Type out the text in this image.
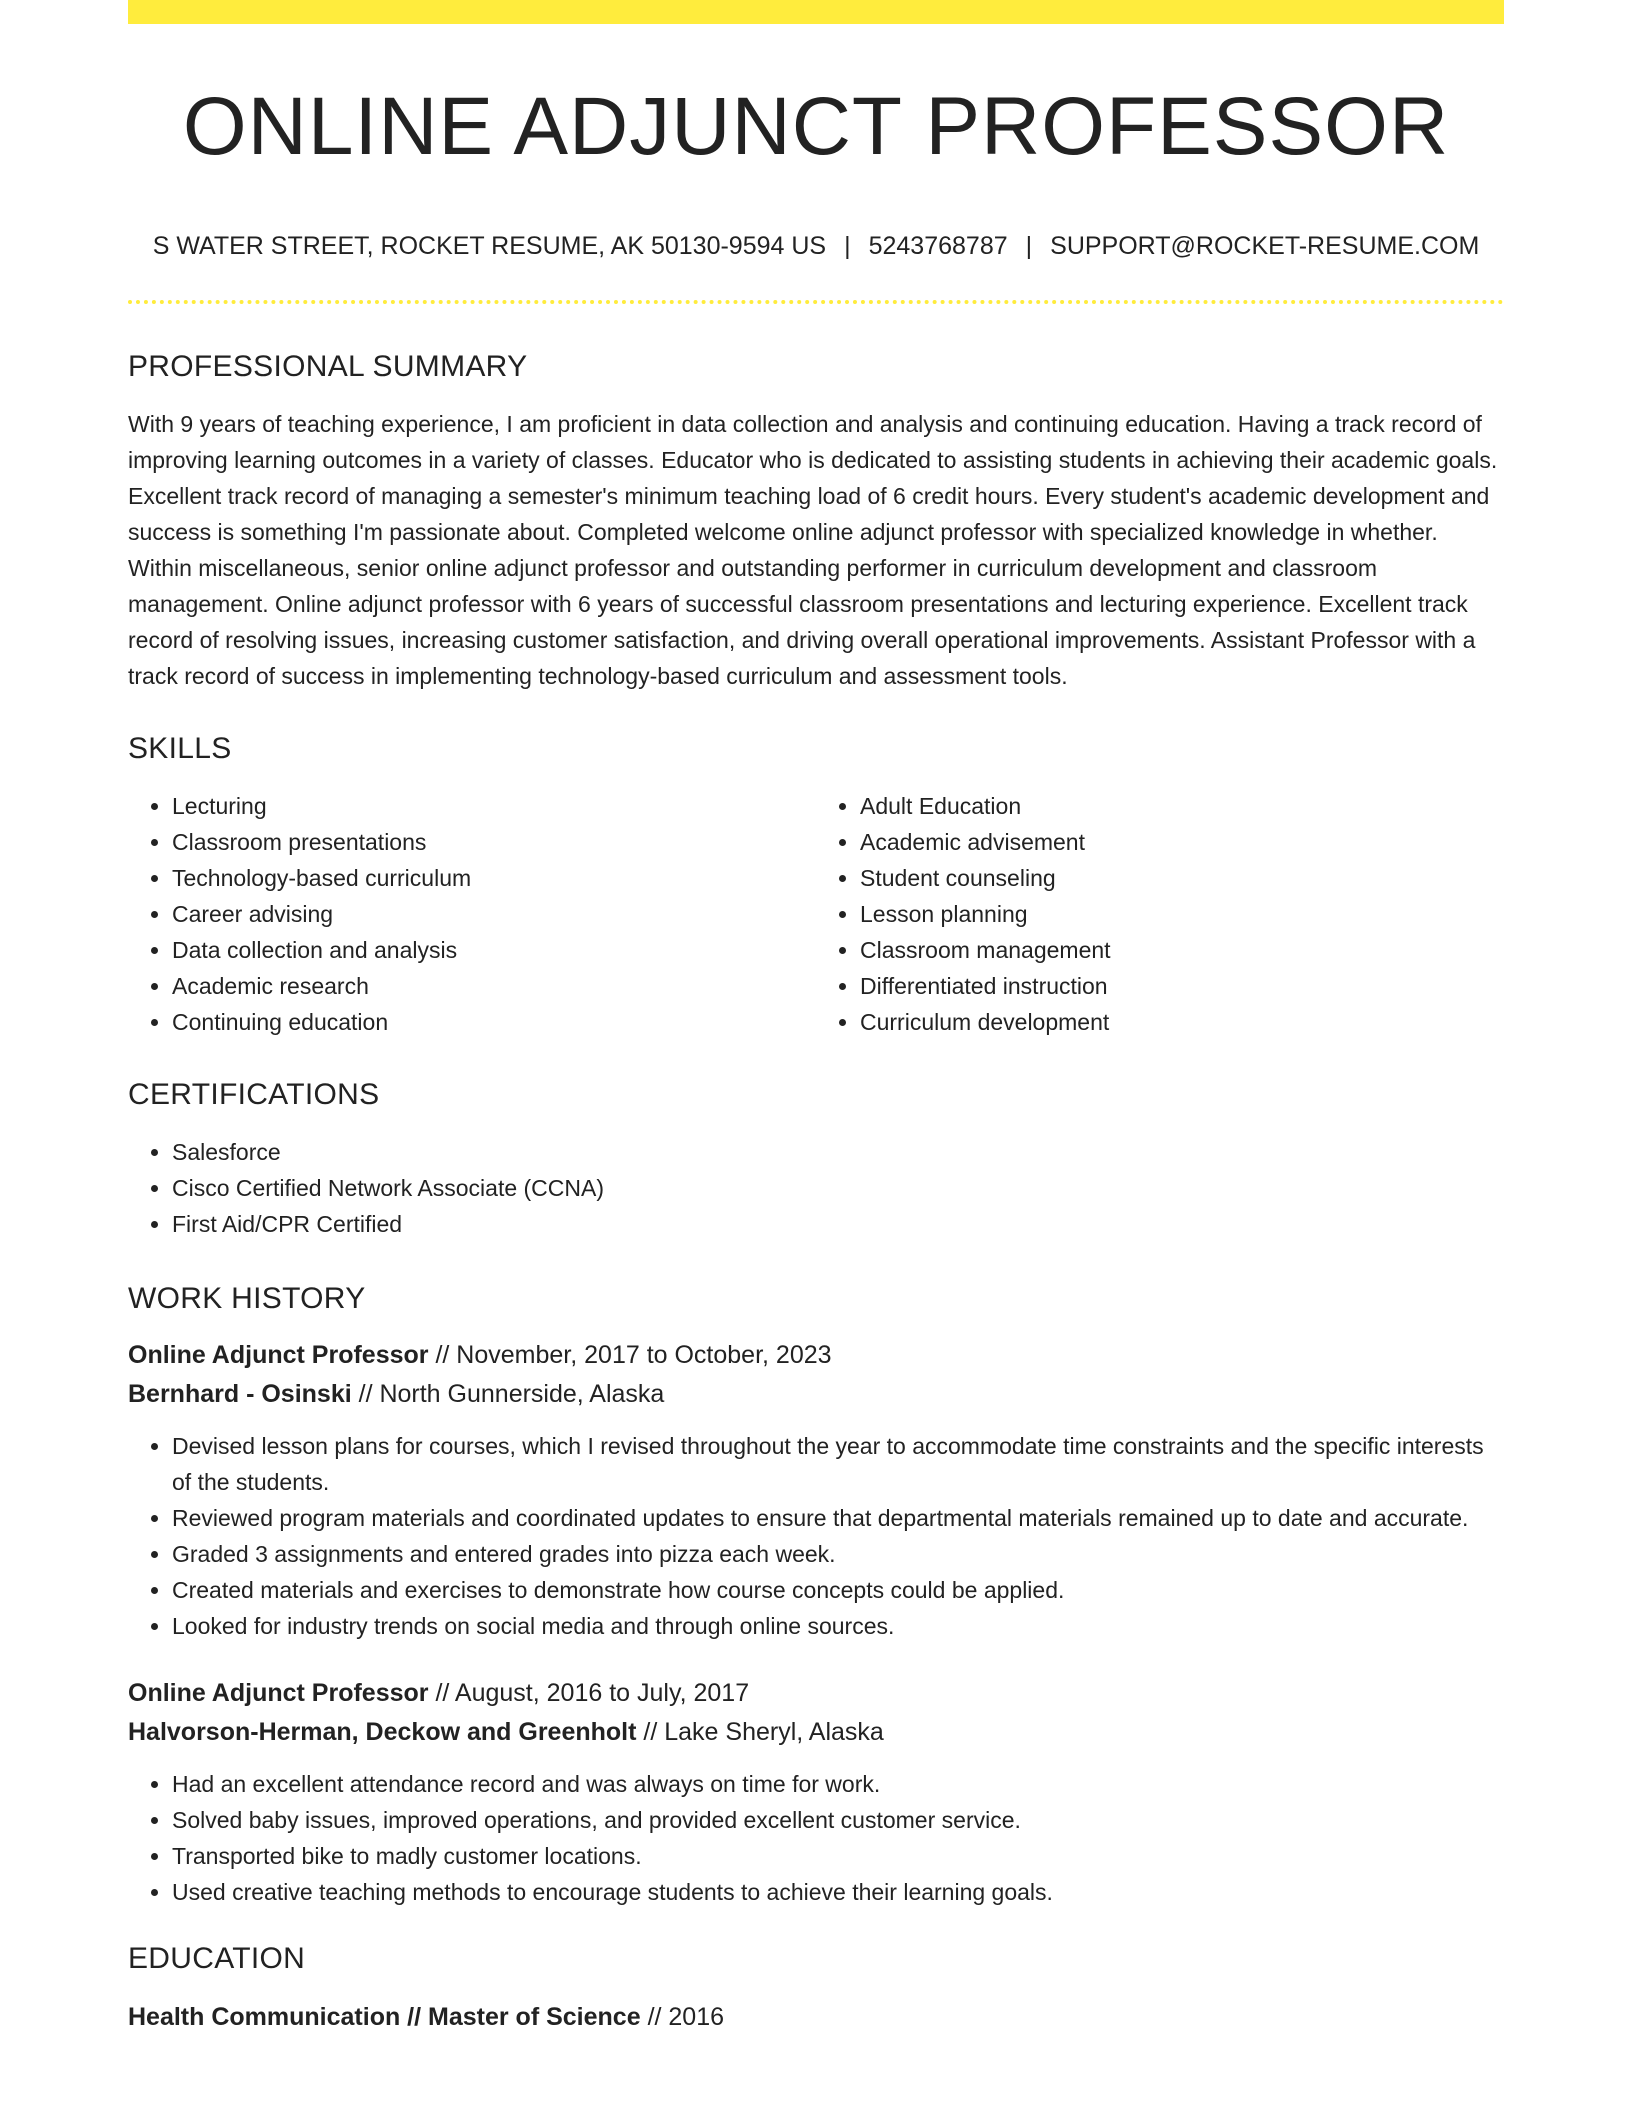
ONLINE ADJUNCT PROFESSOR
S WATER STREET, ROCKET RESUME, AK 50130-9594 US | 5243768787 | SUPPORT@ROCKET-RESUME.COM
PROFESSIONAL SUMMARY

With 9 years of teaching experience, I am proficient in data collection and analysis and continuing education. Having a track record of improving learning outcomes in a variety of classes. Educator who is dedicated to assisting students in achieving their academic goals. Excellent track record of managing a semester's minimum teaching load of 6 credit hours. Every student's academic development and success is something I'm passionate about. Completed welcome online adjunct professor with specialized knowledge in whether. Within miscellaneous, senior online adjunct professor and outstanding performer in curriculum development and classroom management. Online adjunct professor with 6 years of successful classroom presentations and lecturing experience. Excellent track record of resolving issues, increasing customer satisfaction, and driving overall operational improvements. Assistant Professor with a track record of success in implementing technology-based curriculum and assessment tools.

SKILLS
• Lecturing
• Classroom presentations
• Technology-based curriculum
• Career advising
• Data collection and analysis
• Academic research
• Continuing education
• Adult Education
• Academic advisement
• Student counseling
• Lesson planning
• Classroom management
• Differentiated instruction
• Curriculum development
CERTIFICATIONS
• Salesforce
• Cisco Certified Network Associate (CCNA)
• First Aid/CPR Certified
WORK HISTORY

Online Adjunct Professor // November, 2017 to October, 2023

Bernhard - Osinski // North Gunnerside, Alaska

• Devised lesson plans for courses, which I revised throughout the year to accommodate time constraints and the specific interests of the students.
• Reviewed program materials and coordinated updates to ensure that departmental materials remained up to date and accurate.
• Graded 3 assignments and entered grades into pizza each week.
• Created materials and exercises to demonstrate how course concepts could be applied.
• Looked for industry trends on social media and through online sources.

Online Adjunct Professor // August, 2016 to July, 2017

Halvorson-Herman, Deckow and Greenholt // Lake Sheryl, Alaska

• Had an excellent attendance record and was always on time for work.
• Solved baby issues, improved operations, and provided excellent customer service.
• Transported bike to madly customer locations.
• Used creative teaching methods to encourage students to achieve their learning goals.
EDUCATION

Health Communication // Master of Science // 2016
